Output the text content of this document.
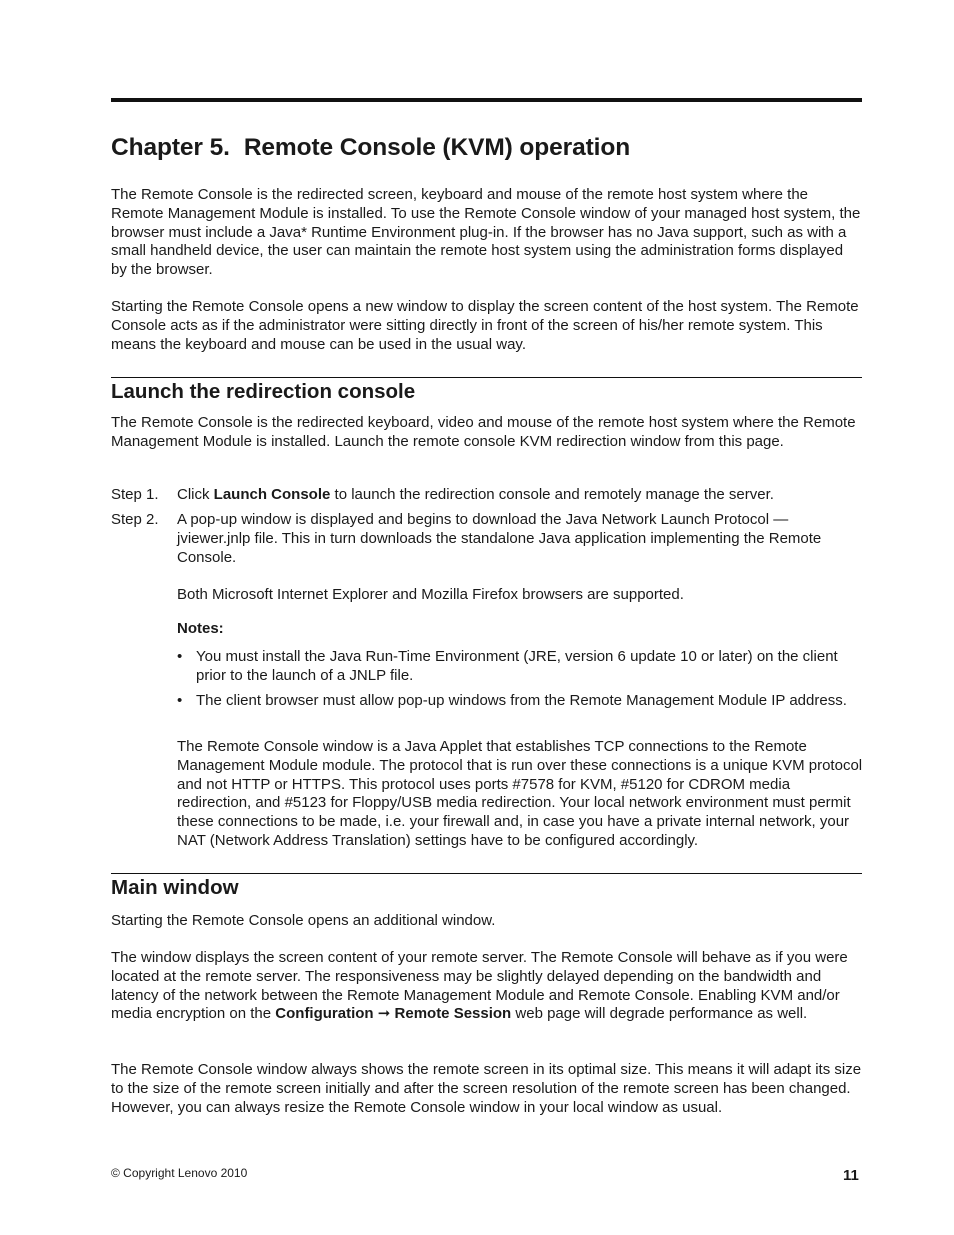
Chapter 5. Remote Console (KVM) operation

The Remote Console is the redirected screen, keyboard and mouse of the remote host system where the Remote Management Module is installed. To use the Remote Console window of your managed host system, the browser must include a Java* Runtime Environment plug-in. If the browser has no Java support, such as with a small handheld device, the user can maintain the remote host system using the administration forms displayed by the browser.

Starting the Remote Console opens a new window to display the screen content of the host system. The Remote Console acts as if the administrator were sitting directly in front of the screen of his/her remote system. This means the keyboard and mouse can be used in the usual way.

Launch the redirection console

The Remote Console is the redirected keyboard, video and mouse of the remote host system where the Remote Management Module is installed. Launch the remote console KVM redirection window from this page.

Step 1. Click Launch Console to launch the redirection console and remotely manage the server.
Step 2. A pop-up window is displayed and begins to download the Java Network Launch Protocol — jviewer.jnlp file. This in turn downloads the standalone Java application implementing the Remote Console.
Both Microsoft Internet Explorer and Mozilla Firefox browsers are supported.
Notes:
• You must install the Java Run-Time Environment (JRE, version 6 update 10 or later) on the client prior to the launch of a JNLP file.
• The client browser must allow pop-up windows from the Remote Management Module IP address.
The Remote Console window is a Java Applet that establishes TCP connections to the Remote Management Module module. The protocol that is run over these connections is a unique KVM protocol and not HTTP or HTTPS. This protocol uses ports #7578 for KVM, #5120 for CDROM media redirection, and #5123 for Floppy/USB media redirection. Your local network environment must permit these connections to be made, i.e. your firewall and, in case you have a private internal network, your NAT (Network Address Translation) settings have to be configured accordingly.
Main window

Starting the Remote Console opens an additional window.

The window displays the screen content of your remote server. The Remote Console will behave as if you were located at the remote server. The responsiveness may be slightly delayed depending on the bandwidth and latency of the network between the Remote Management Module and Remote Console. Enabling KVM and/or media encryption on the Configuration ➞ Remote Session web page will degrade performance as well.

The Remote Console window always shows the remote screen in its optimal size. This means it will adapt its size to the size of the remote screen initially and after the screen resolution of the remote screen has been changed. However, you can always resize the Remote Console window in your local window as usual.

© Copyright Lenovo 2010	11
